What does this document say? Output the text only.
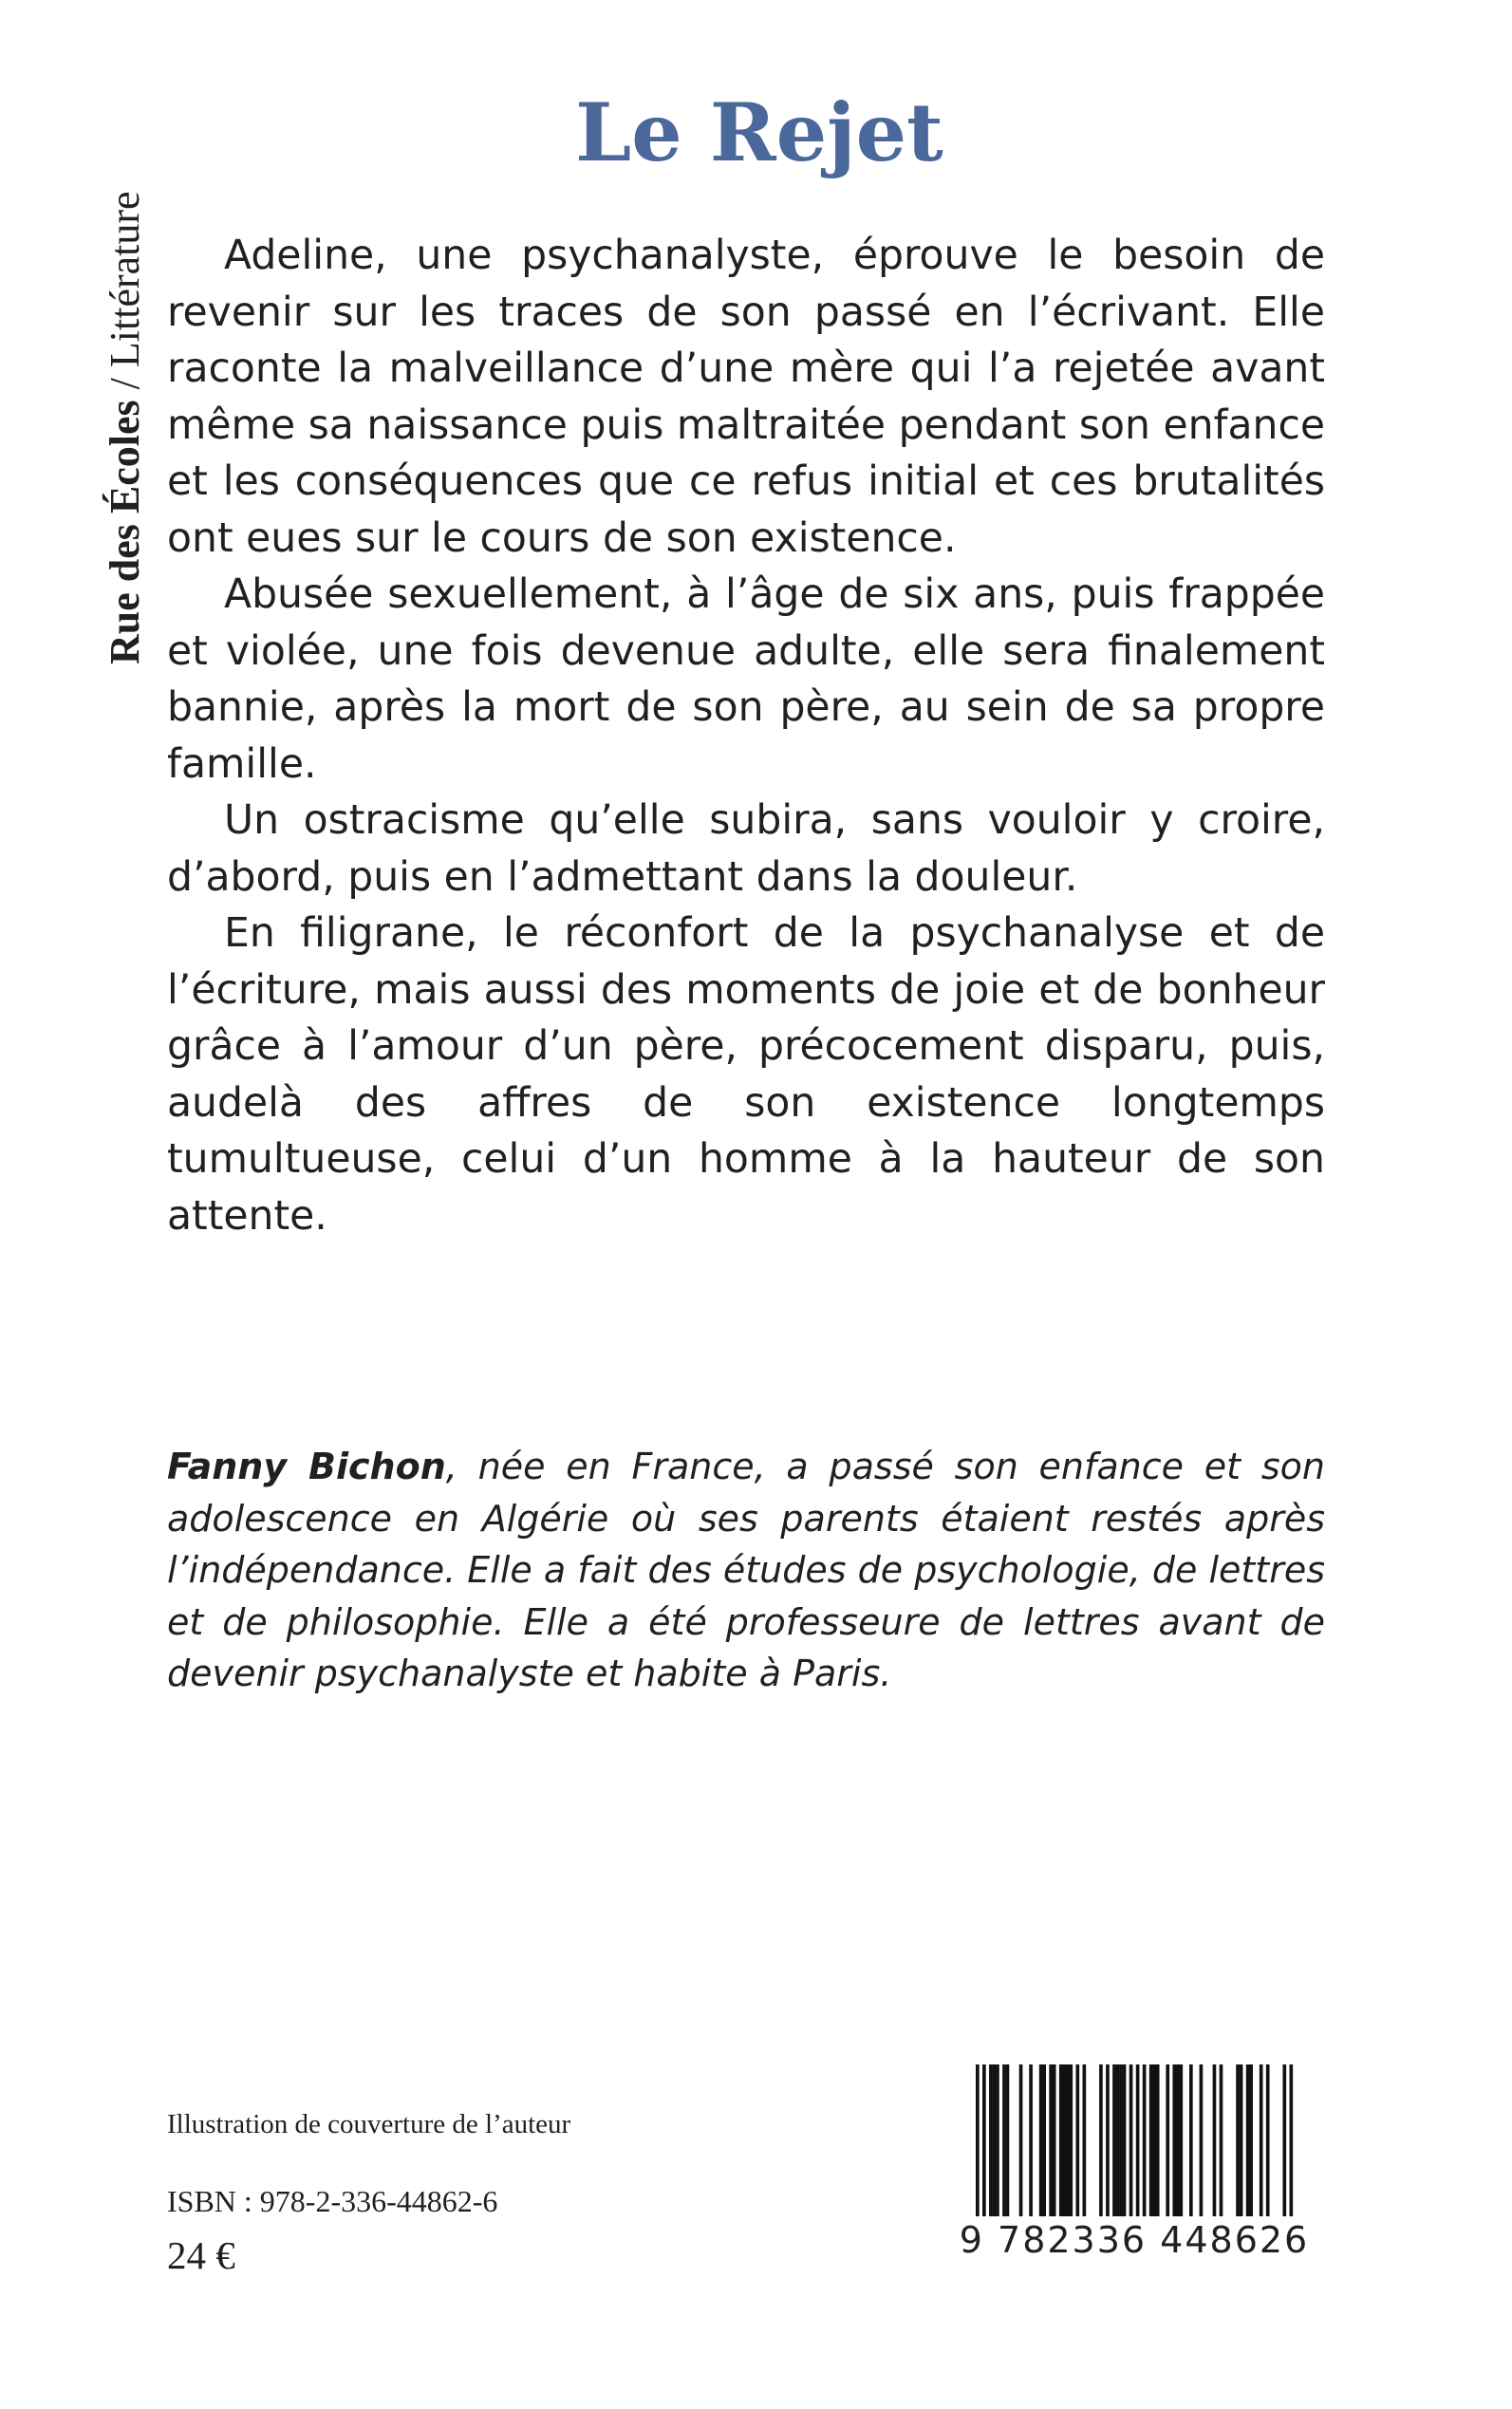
Rue des Écoles / Littérature
Le Rejet

Adeline, une psychanalyste, éprouve le besoin de revenir sur les traces de son passé en l’écrivant. Elle raconte la malveillance d’une mère qui l’a rejetée avant même sa naissance puis maltraitée pendant son enfance et les conséquences que ce refus initial et ces brutalités ont eues sur le cours de son existence.

Abusée sexuellement, à l’âge de six ans, puis frappée et violée, une fois devenue adulte, elle sera finalement bannie, après la mort de son père, au sein de sa propre famille.

Un ostracisme qu’elle subira, sans vouloir y croire, d’abord, puis en l’admettant dans la douleur.

En filigrane, le réconfort de la psychanalyse et de l’écriture, mais aussi des moments de joie et de bonheur grâce à l’amour d’un père, précocement disparu, puis, audelà des affres de son existence longtemps tumultueuse, celui d’un homme à la hauteur de son attente.

Fanny Bichon, née en France, a passé son enfance et son adolescence en Algérie où ses parents étaient restés après l’indépendance. Elle a fait des études de psychologie, de lettres et de philosophie. Elle a été professeure de lettres avant de devenir psychanalyste et habite à Paris.

Illustration de couverture de l’auteur
ISBN : 978-2-336-44862-6
24 €	9 782336 448626
